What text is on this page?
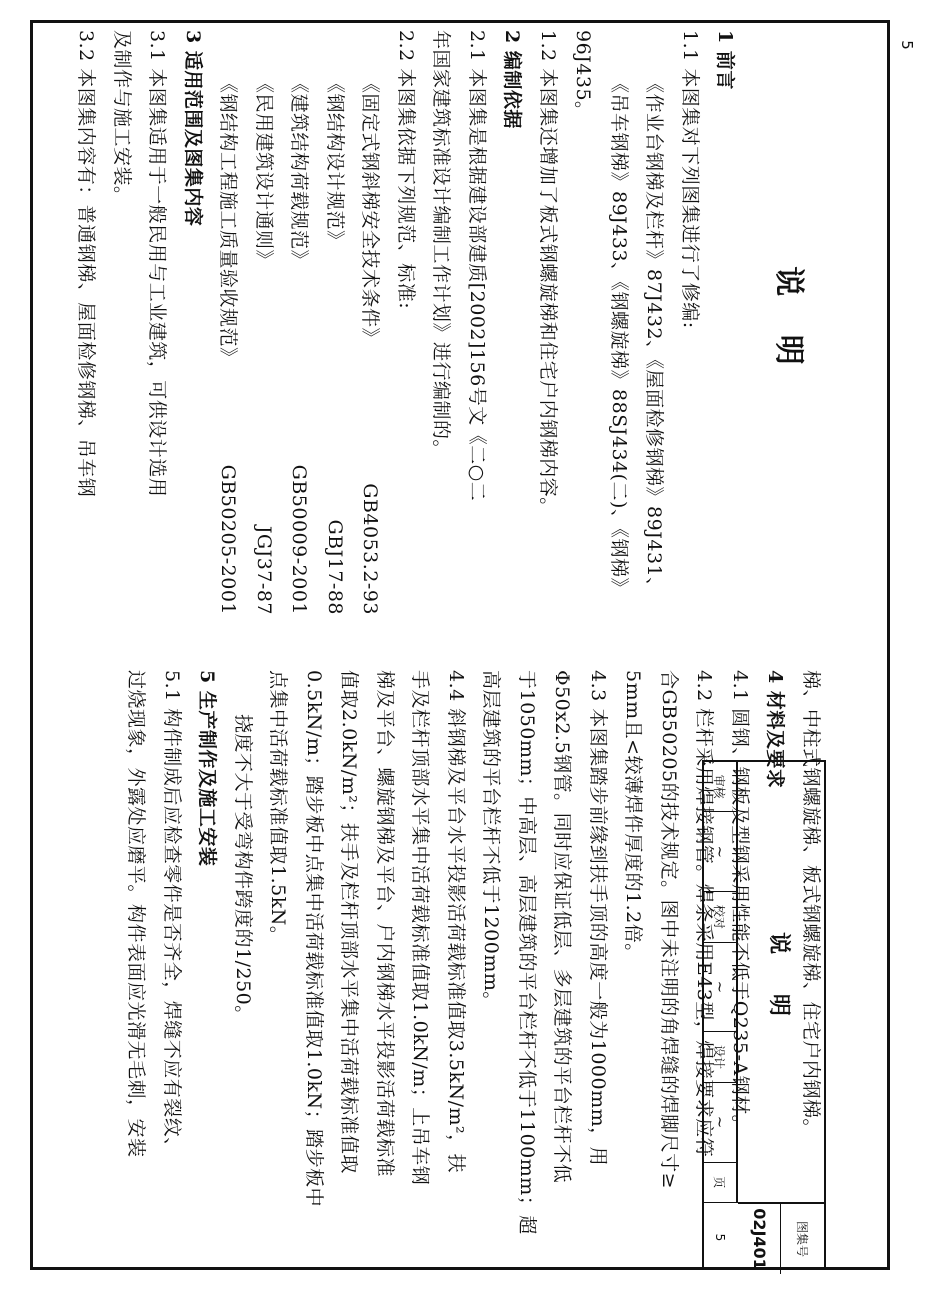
5
说 明

1 前言

1.1 本图集对下列图集进行了修编:

《作业台钢梯及栏杆》87J432、《屋面检修钢梯》89J431、

《吊车钢梯》89J433、《钢螺旋梯》88SJ434(二)、《钢梯》

96J435。

1.2 本图集还增加了板式钢螺旋梯和住宅户内钢梯内容。

2 编制依据

2.1 本图集是根据建设部建质[2002]156号文《二○二

年国家建筑标准设计编制工作计划》进行编制的。

2.2 本图集依据下列规范、标准:

《固定式钢斜梯安全技术条件》
GB4053.2-93
《钢结构设计规范》
GBJ17-88
《建筑结构荷载规范》
GB50009-2001
《民用建筑设计通则》
JGJ37-87
《钢结构工程施工质量验收规范》
GB50205-2001

3 适用范围及图集内容

3.1 本图集适用于一般民用与工业建筑，可供设计选用

及制作与施工安装。

3.2 本图集内容有：普通钢梯、屋面检修钢梯、吊车钢

梯、中柱式钢螺旋梯、板式钢螺旋梯、住宅户内钢梯。

4 材料及要求

4.1 圆钢、钢板及型钢采用性能不低于Q235-A钢材。

4.2 栏杆采用焊接钢管。焊条采用E43型，焊接要求应符

合GB50205的技术规定。图中未注明的角焊缝的焊脚尺寸≥

5mm且<较薄焊件厚度的1.2倍。

4.3 本图集踏步前缘到扶手顶的高度一般为1000mm，用

Φ50x2.5钢管。同时应保证低层、多层建筑的平台栏杆不低

于1050mm；中高层、高层建筑的平台栏杆不低于1100mm；超

高层建筑的平台栏杆不低于1200mm。

4.4 斜钢梯及平台水平投影活荷载标准值取3.5kN/m²，扶

手及栏杆顶部水平集中活荷载标准值取1.0kN/m；上吊车钢

梯及平台、螺旋钢梯及平台、户内钢梯水平投影活荷载标准

值取2.0kN/m²；扶手及栏杆顶部水平集中活荷载标准值取

0.5kN/m；踏步板中点集中活荷载标准值取1.0kN；踏步板中

点集中活荷载标准值取1.5kN。

挠度不大于受弯构件跨度的1/250。

5 生产制作及施工安装

5.1 构件制成后应检查零件是否齐全，焊缝不应有裂纹、

过烧现象，外露处应磨平。构件表面应光滑无毛刺，安装	说 明
图集号
02J401
审核
~
校对
~
设计
~
页
5
